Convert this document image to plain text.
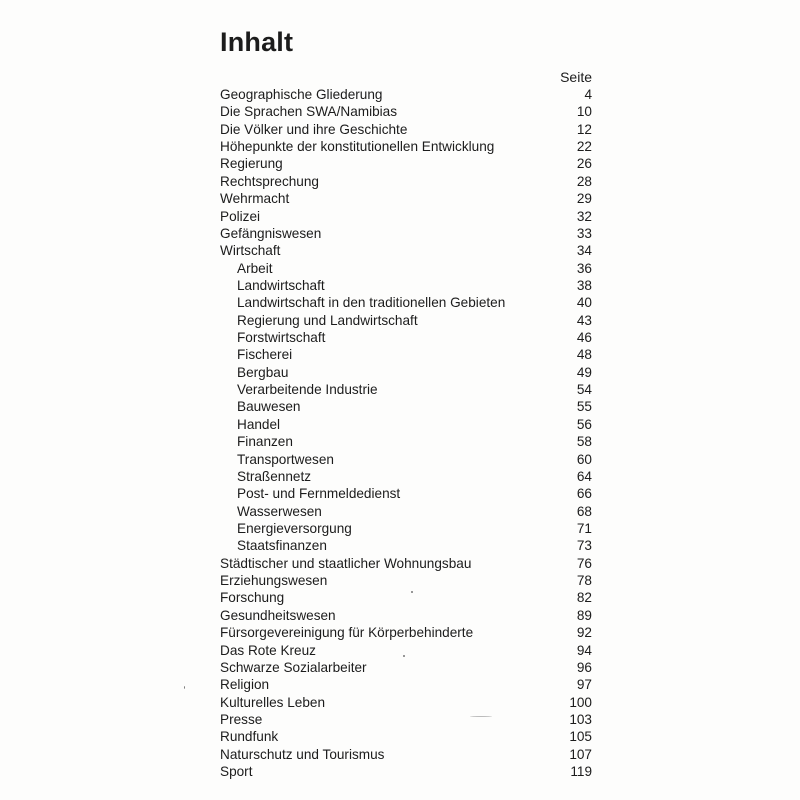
Inhalt
Seite
Geographische Gliederung	4
Die Sprachen SWA/Namibias	10
Die Völker und ihre Geschichte	12
Höhepunkte der konstitutionellen Entwicklung	22
Regierung	26
Rechtsprechung	28
Wehrmacht	29
Polizei	32
Gefängniswesen	33
Wirtschaft	34
Arbeit	36
Landwirtschaft	38
Landwirtschaft in den traditionellen Gebieten	40
Regierung und Landwirtschaft	43
Forstwirtschaft	46
Fischerei	48
Bergbau	49
Verarbeitende Industrie	54
Bauwesen	55
Handel	56
Finanzen	58
Transportwesen	60
Straßennetz	64
Post- und Fernmeldedienst	66
Wasserwesen	68
Energieversorgung	71
Staatsfinanzen	73
Städtischer und staatlicher Wohnungsbau	76
Erziehungswesen	78
Forschung	82
Gesundheitswesen	89
Fürsorgevereinigung für Körperbehinderte	92
Das Rote Kreuz	94
Schwarze Sozialarbeiter	96
Religion	97
Kulturelles Leben	100
Presse	103
Rundfunk	105
Naturschutz und Tourismus	107
Sport	119
